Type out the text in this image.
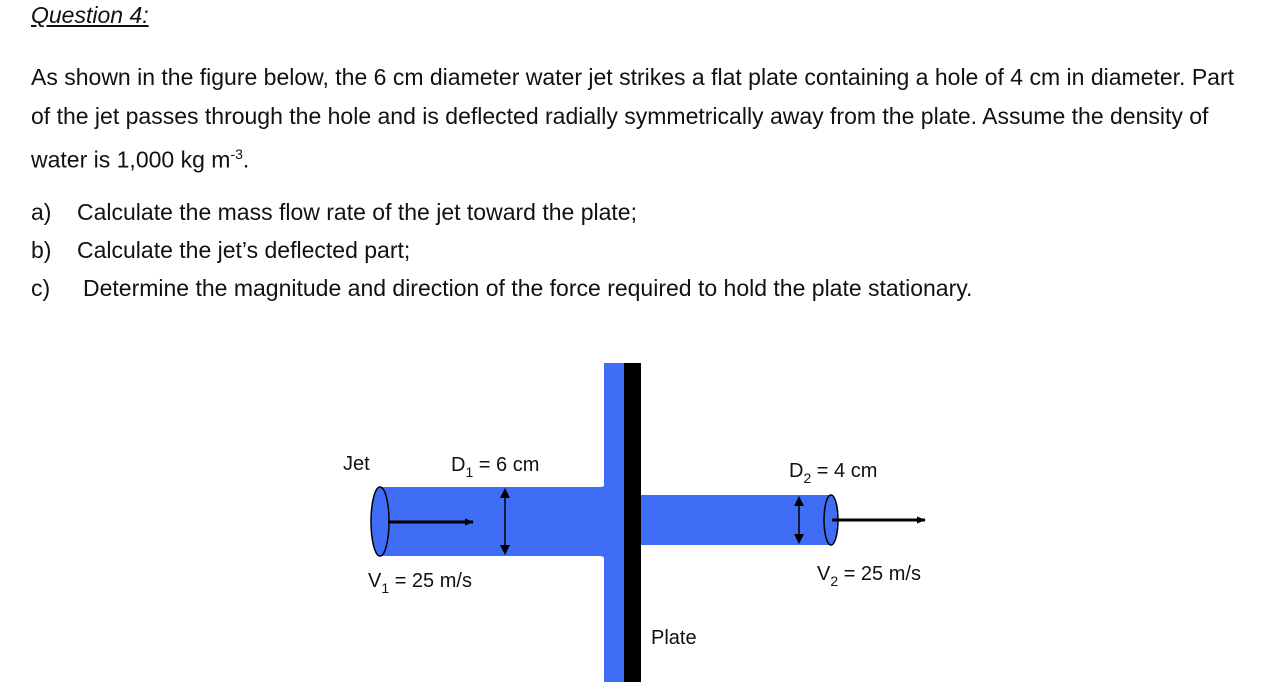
Question 4:

As shown in the figure below, the 6 cm diameter water jet strikes a flat plate containing a hole of 4 cm in diameter. Part of the jet passes through the hole and is deflected radially symmetrically away from the plate. Assume the density of water is 1,000 kg $m^{-3}$.

a) Calculate the mass flow rate of the jet toward the plate;
b) Calculate the jet’s deflected part;
c) Determine the magnitude and direction of the force required to hold the plate stationary.
Jet	$D_1 = 6$ cm	$D_2 = 4$ cm
$V_1 = 25$ m/s	$V_2 = 25$ m/s
Plate
